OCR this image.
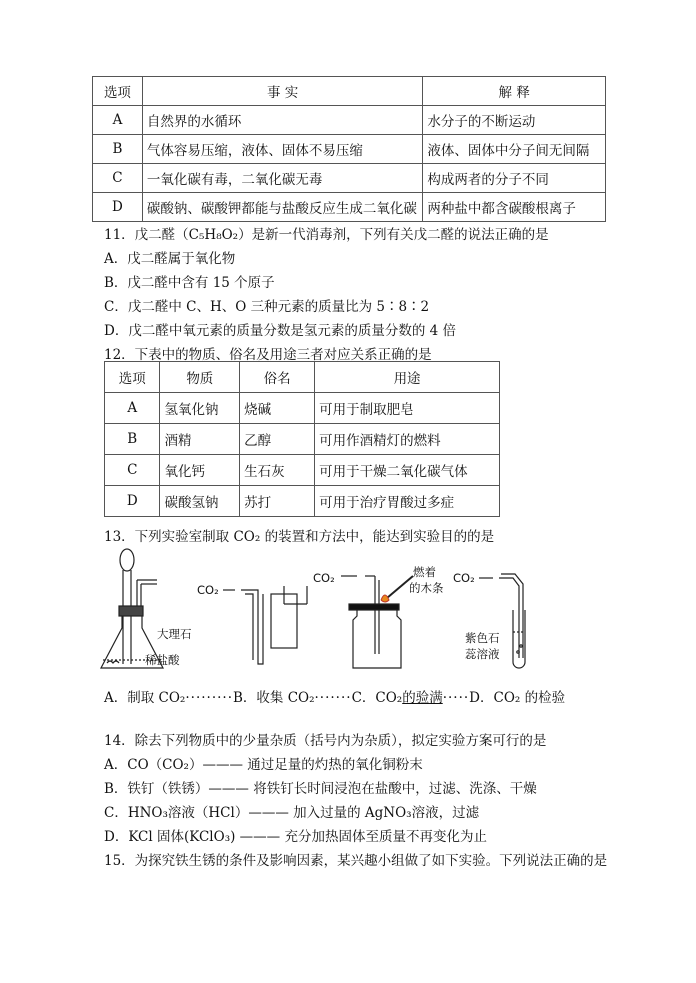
选项	事 实	解 释
A	自然界的水循环	水分子的不断运动
B	气体容易压缩，液体、固体不易压缩	液体、固体中分子间无间隔
C	一氧化碳有毒，二氧化碳无毒	构成两者的分子不同
D	碳酸钠、碳酸钾都能与盐酸反应生成二氧化碳	两种盐中都含碳酸根离子
11．戊二醛（C₅H₈O₂）是新一代消毒剂，下列有关戊二醛的说法正确的是
A．戊二醛属于氧化物
B．戊二醛中含有 15 个原子
C．戊二醛中 C、H、O 三种元素的质量比为 5∶8∶2
D．戊二醛中氧元素的质量分数是氢元素的质量分数的 4 倍
12．下表中的物质、俗名及用途三者对应关系正确的是
选项	物质	俗名	用途
A	氢氧化钠	烧碱	可用于制取肥皂
B	酒精	乙醇	可用作酒精灯的燃料
C	氧化钙	生石灰	可用于干燥二氧化碳气体
D	碳酸氢钠	苏打	可用于治疗胃酸过多症
13．下列实验室制取 CO₂ 的装置和方法中，能达到实验目的的是
大理石
稀盐酸
CO₂
CO₂	燃着
的木条
CO₂
紫色石
蕊溶液
A．制取 CO₂·········B．收集 CO₂·······C．CO₂的验满·····D．CO₂ 的检验
14．除去下列物质中的少量杂质（括号内为杂质），拟定实验方案可行的是
A．CO（CO₂）——— 通过足量的灼热的氧化铜粉末
B．铁钉（铁锈）——— 将铁钉长时间浸泡在盐酸中，过滤、洗涤、干燥
C．HNO₃溶液（HCl）——— 加入过量的 AgNO₃溶液，过滤
D．KCl 固体(KClO₃) ——— 充分加热固体至质量不再变化为止
15．为探究铁生锈的条件及影响因素，某兴趣小组做了如下实验。下列说法正确的是
